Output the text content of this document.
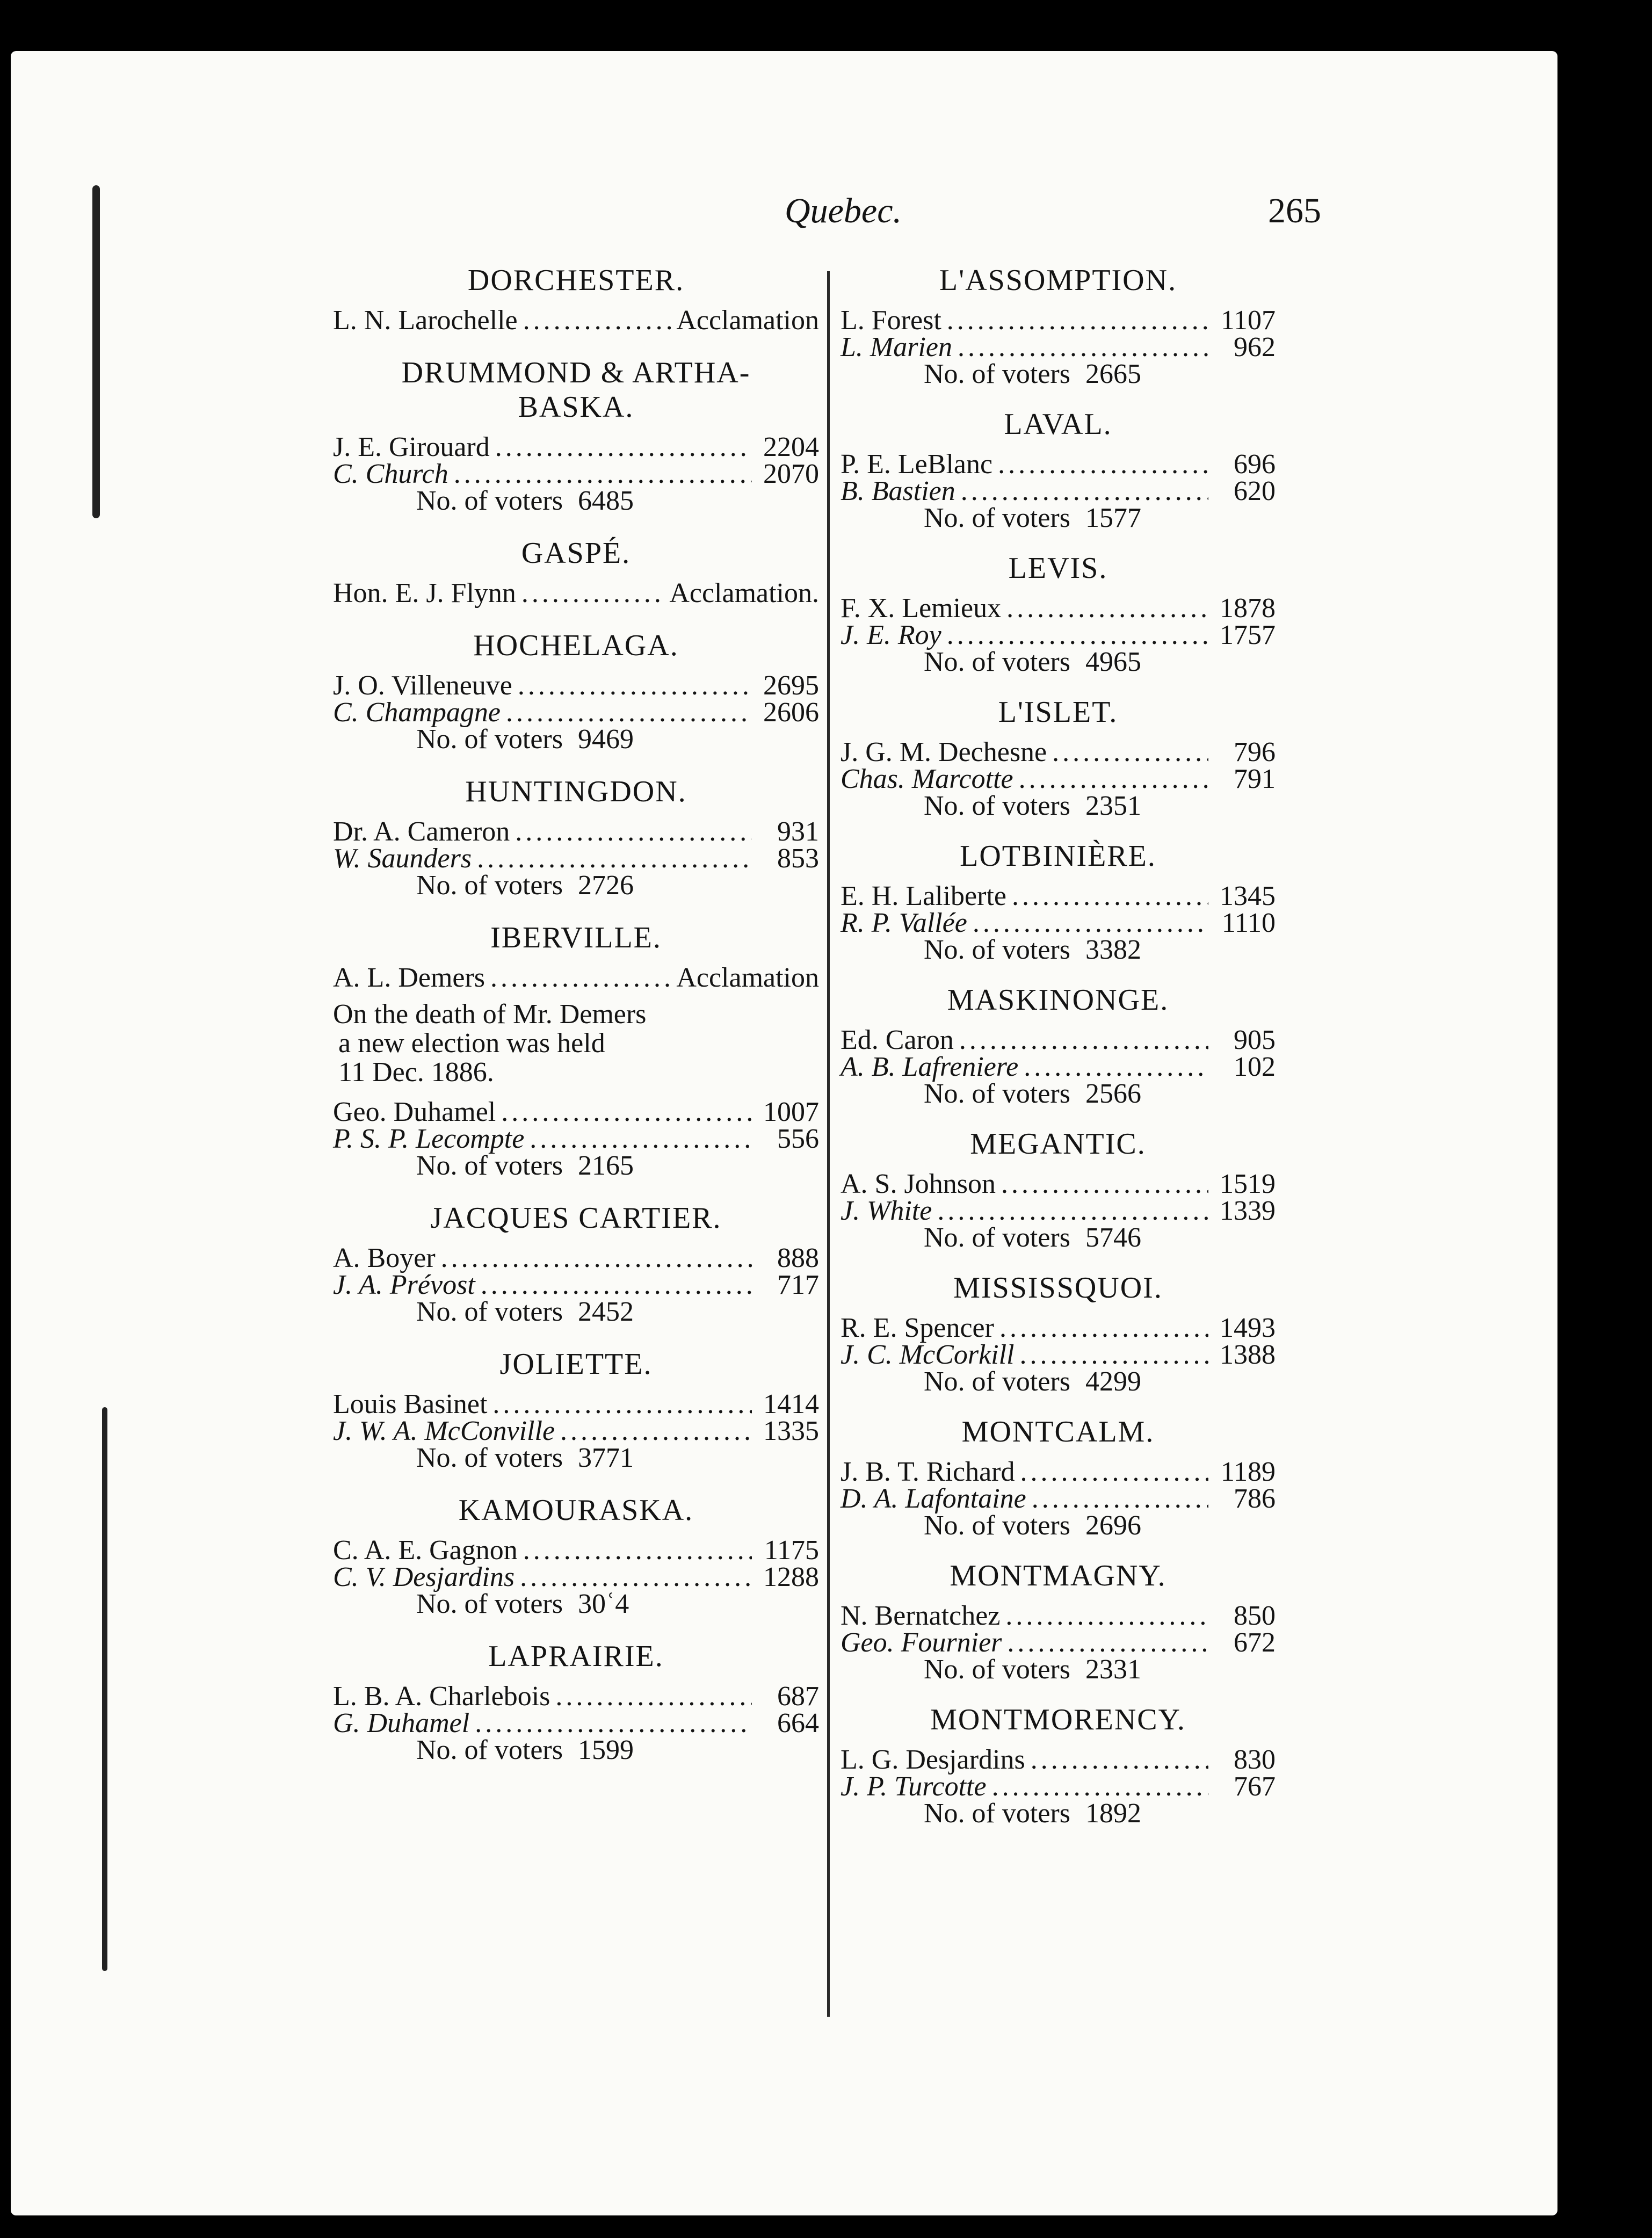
Quebec.	265
DORCHESTER.
L. N. Larochelle .....	Acclamation
DRUMMOND & ARTHA-
BASKA.
J. E. Girouard .....	2204
C. Church .....	2070
No. of voters 6485
GASPÉ.
Hon. E. J. Flynn .....	Acclamation.
HOCHELAGA.
J. O. Villeneuve .....	2695
C. Champagne .....	2606
No. of voters 9469
HUNTINGDON.
Dr. A. Cameron .....	931
W. Saunders .....	853
No. of voters 2726
IBERVILLE.
A. L. Demers .....	Acclamation
On the death of Mr. Demers
a new election was held
11 Dec. 1886.
Geo. Duhamel .....	1007
P. S. P. Lecompte .....	556
No. of voters 2165
JACQUES CARTIER.
A. Boyer .....	888
J. A. Prévost .....	717
No. of voters 2452
JOLIETTE.
Louis Basinet .....	1414
J. W. A. McConville .....	1335
No. of voters 3771
KAMOURASKA.
C. A. E. Gagnon .....	1175
C. V. Desjardins .....	1288
No. of voters 30ʿ4
LAPRAIRIE.
L. B. A. Charlebois .....	687
G. Duhamel .....	664
No. of voters 1599
L'ASSOMPTION.
L. Forest .....	1107
L. Marien .....	962
No. of voters 2665
LAVAL.
P. E. LeBlanc .....	696
B. Bastien .....	620
No. of voters 1577
LEVIS.
F. X. Lemieux .....	1878
J. E. Roy .....	1757
No. of voters 4965
L'ISLET.
J. G. M. Dechesne .....	796
Chas. Marcotte .....	791
No. of voters 2351
LOTBINIÈRE.
E. H. Laliberte .....	1345
R. P. Vallée .....	1110
No. of voters 3382
MASKINONGE.
Ed. Caron .....	905
A. B. Lafreniere .....	102
No. of voters 2566
MEGANTIC.
A. S. Johnson .....	1519
J. White .....	1339
No. of voters 5746
MISSISSQUOI.
R. E. Spencer .....	1493
J. C. McCorkill .....	1388
No. of voters 4299
MONTCALM.
J. B. T. Richard .....	1189
D. A. Lafontaine .....	786
No. of voters 2696
MONTMAGNY.
N. Bernatchez .....	850
Geo. Fournier .....	672
No. of voters 2331
MONTMORENCY.
L. G. Desjardins .....	830
J. P. Turcotte .....	767
No. of voters 1892
